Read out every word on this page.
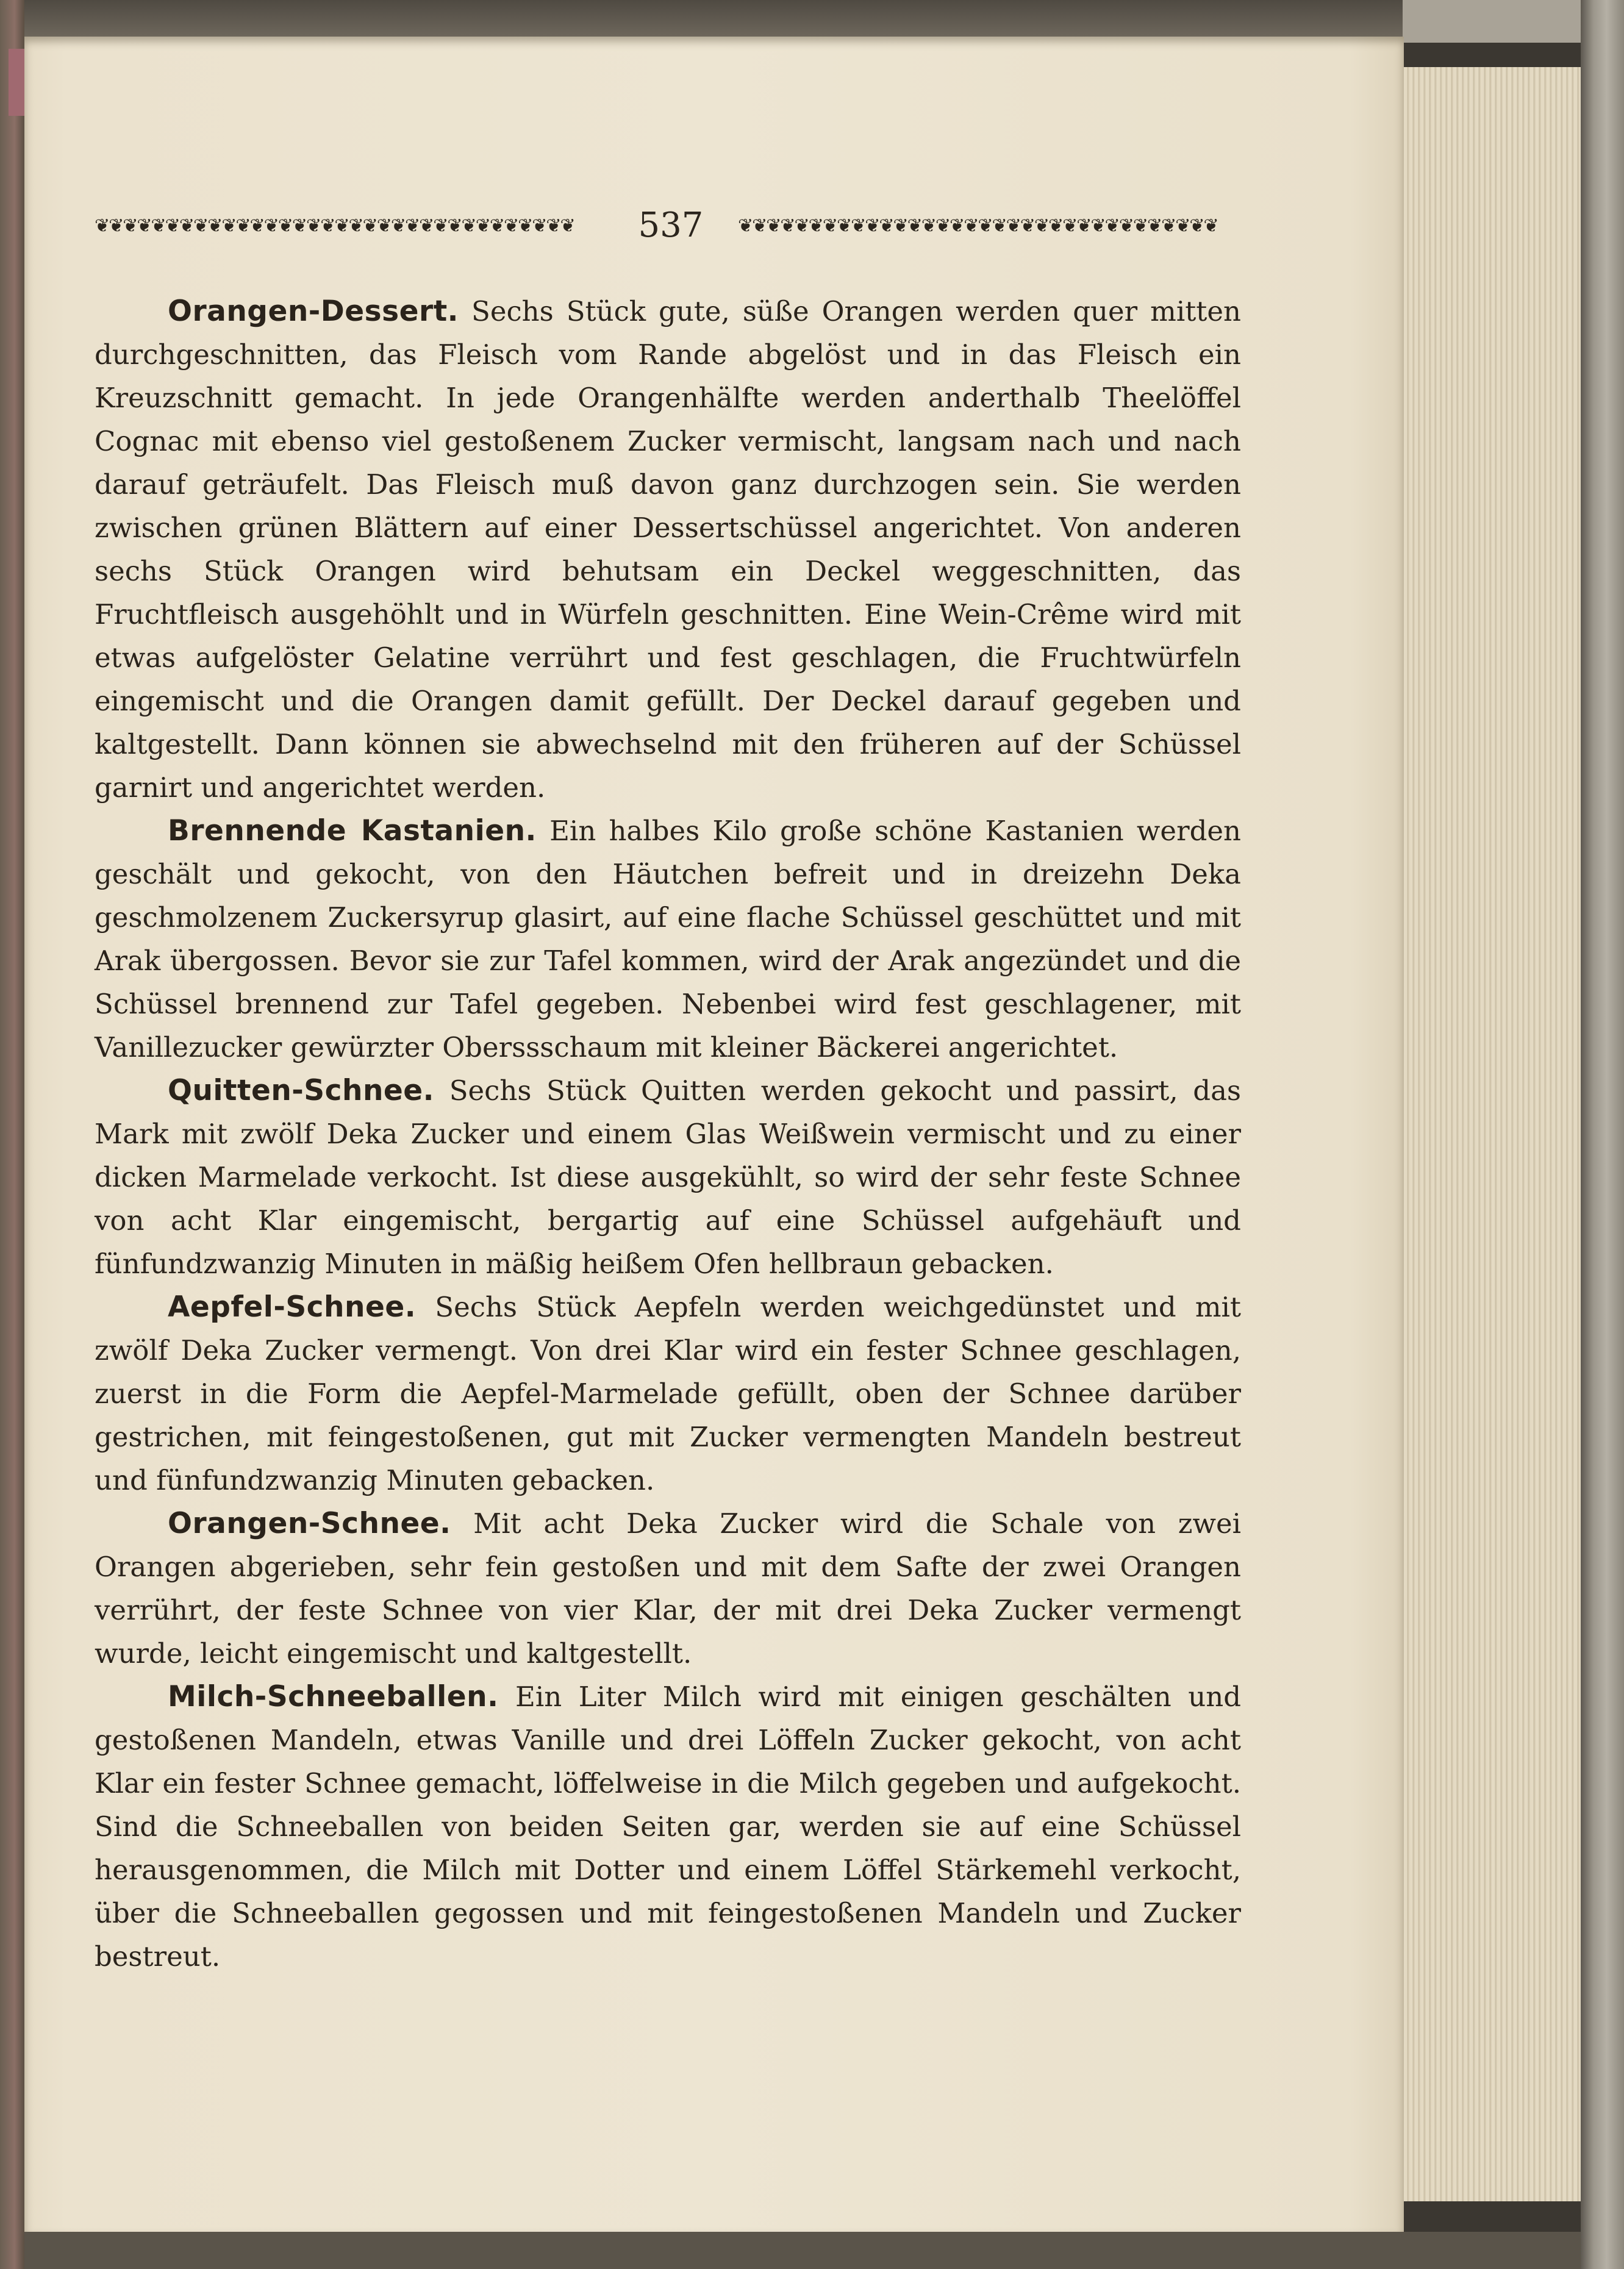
❦❦❦❦❦❦❦❦❦❦❦❦❦❦❦❦❦❦❦❦❦❦❦❦❦❦❦❦❦❦❦❦❦❦	537	❦❦❦❦❦❦❦❦❦❦❦❦❦❦❦❦❦❦❦❦❦❦❦❦❦❦❦❦❦❦❦❦❦❦

Orangen-Dessert. Sechs Stück gute, süße Orangen werden quer mitten durchgeschnitten, das Fleisch vom Rande abgelöst und in das Fleisch ein Kreuzschnitt gemacht. In jede Orangenhälfte werden anderthalb Theelöffel Cognac mit ebenso viel gestoßenem Zucker vermischt, langsam nach und nach darauf geträufelt. Das Fleisch muß davon ganz durchzogen sein. Sie werden zwischen grünen Blättern auf einer Dessertschüssel angerichtet. Von anderen sechs Stück Orangen wird behutsam ein Deckel weggeschnitten, das Fruchtfleisch ausgehöhlt und in Würfeln geschnitten. Eine Wein-Crême wird mit etwas aufgelöster Gelatine verrührt und fest geschlagen, die Fruchtwürfeln eingemischt und die Orangen damit gefüllt. Der Deckel darauf gegeben und kaltgestellt. Dann können sie abwechselnd mit den früheren auf der Schüssel garnirt und angerichtet werden.

Brennende Kastanien. Ein halbes Kilo große schöne Kastanien werden geschält und gekocht, von den Häutchen befreit und in dreizehn Deka geschmolzenem Zuckersyrup glasirt, auf eine flache Schüssel geschüttet und mit Arak übergossen. Bevor sie zur Tafel kommen, wird der Arak angezündet und die Schüssel brennend zur Tafel gegeben. Nebenbei wird fest geschlagener, mit Vanillezucker gewürzter Oberssschaum mit kleiner Bäckerei angerichtet.

Quitten-Schnee. Sechs Stück Quitten werden gekocht und passirt, das Mark mit zwölf Deka Zucker und einem Glas Weißwein vermischt und zu einer dicken Marmelade verkocht. Ist diese ausgekühlt, so wird der sehr feste Schnee von acht Klar eingemischt, bergartig auf eine Schüssel aufgehäuft und fünfundzwanzig Minuten in mäßig heißem Ofen hellbraun gebacken.

Aepfel-Schnee. Sechs Stück Aepfeln werden weichgedünstet und mit zwölf Deka Zucker vermengt. Von drei Klar wird ein fester Schnee geschlagen, zuerst in die Form die Aepfel-Marmelade gefüllt, oben der Schnee darüber gestrichen, mit feingestoßenen, gut mit Zucker vermengten Mandeln bestreut und fünfundzwanzig Minuten gebacken.

Orangen-Schnee. Mit acht Deka Zucker wird die Schale von zwei Orangen abgerieben, sehr fein gestoßen und mit dem Safte der zwei Orangen verrührt, der feste Schnee von vier Klar, der mit drei Deka Zucker vermengt wurde, leicht eingemischt und kaltgestellt.

Milch-Schneeballen. Ein Liter Milch wird mit einigen geschälten und gestoßenen Mandeln, etwas Vanille und drei Löffeln Zucker gekocht, von acht Klar ein fester Schnee gemacht, löffelweise in die Milch gegeben und aufgekocht. Sind die Schneeballen von beiden Seiten gar, werden sie auf eine Schüssel herausgenommen, die Milch mit Dotter und einem Löffel Stärkemehl verkocht, über die Schneeballen gegossen und mit feingestoßenen Mandeln und Zucker bestreut.
